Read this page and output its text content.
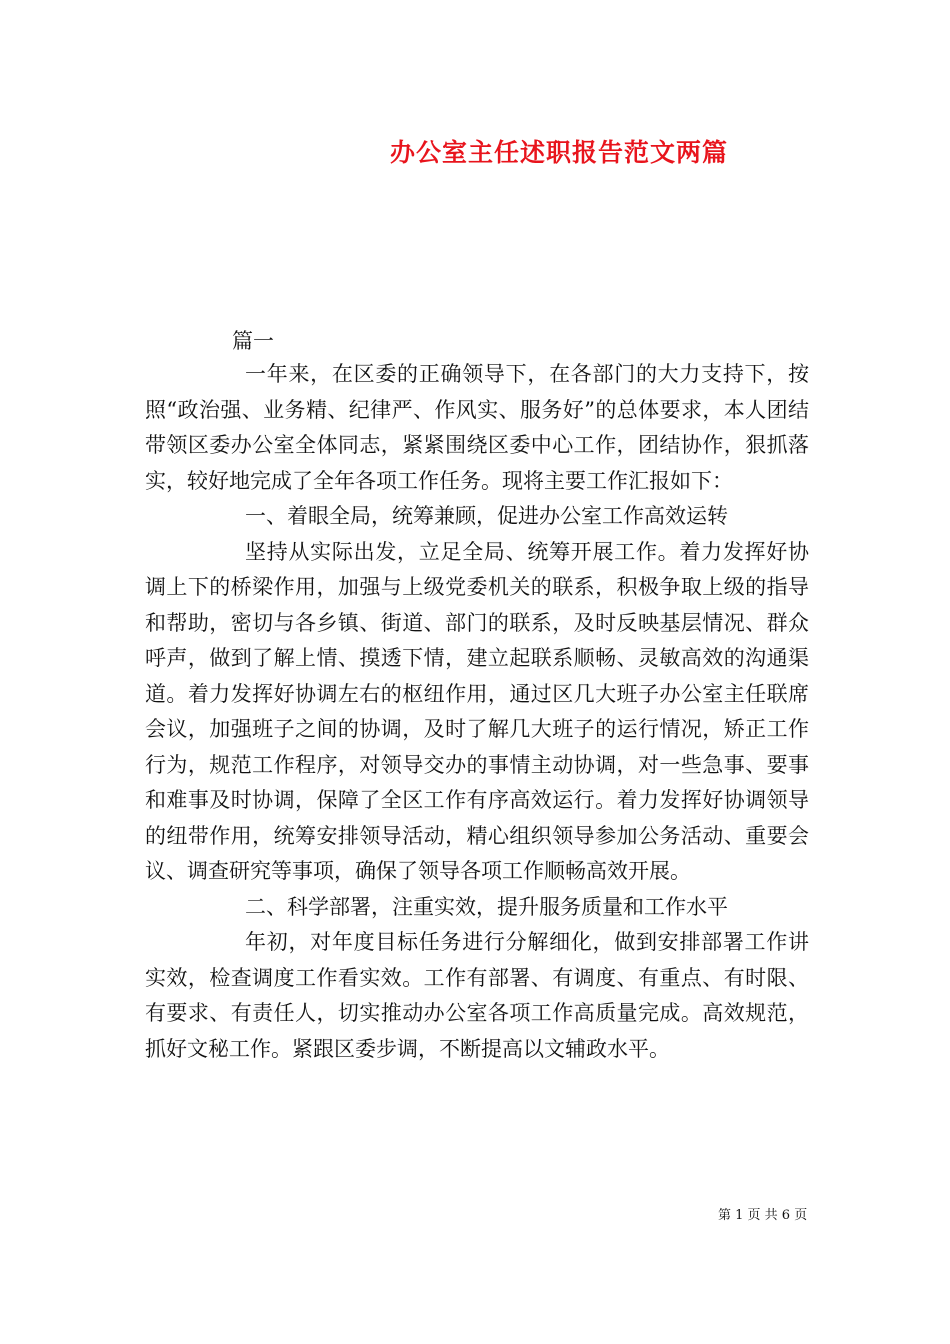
办公室主任述职报告范文两篇
篇一

一年来，在区委的正确领导下，在各部门的大力支持下，按照“政治强、业务精、纪律严、作风实、服务好”的总体要求，本人团结带领区委办公室全体同志，紧紧围绕区委中心工作，团结协作，狠抓落实，较好地完成了全年各项工作任务。现将主要工作汇报如下：

一、着眼全局，统筹兼顾，促进办公室工作高效运转

坚持从实际出发，立足全局、统筹开展工作。着力发挥好协调上下的桥梁作用，加强与上级党委机关的联系，积极争取上级的指导和帮助，密切与各乡镇、街道、部门的联系，及时反映基层情况、群众呼声，做到了解上情、摸透下情，建立起联系顺畅、灵敏高效的沟通渠道。着力发挥好协调左右的枢纽作用，通过区几大班子办公室主任联席会议，加强班子之间的协调，及时了解几大班子的运行情况，矫正工作行为，规范工作程序，对领导交办的事情主动协调，对一些急事、要事和难事及时协调，保障了全区工作有序高效运行。着力发挥好协调领导的纽带作用，统筹安排领导活动，精心组织领导参加公务活动、重要会议、调查研究等事项，确保了领导各项工作顺畅高效开展。

二、科学部署，注重实效，提升服务质量和工作水平

年初，对年度目标任务进行分解细化，做到安排部署工作讲实效，检查调度工作看实效。工作有部署、有调度、有重点、有时限、有要求、有责任人，切实推动办公室各项工作高质量完成。高效规范，抓好文秘工作。紧跟区委步调，不断提高以文辅政水平。

第 1 页 共 6 页
